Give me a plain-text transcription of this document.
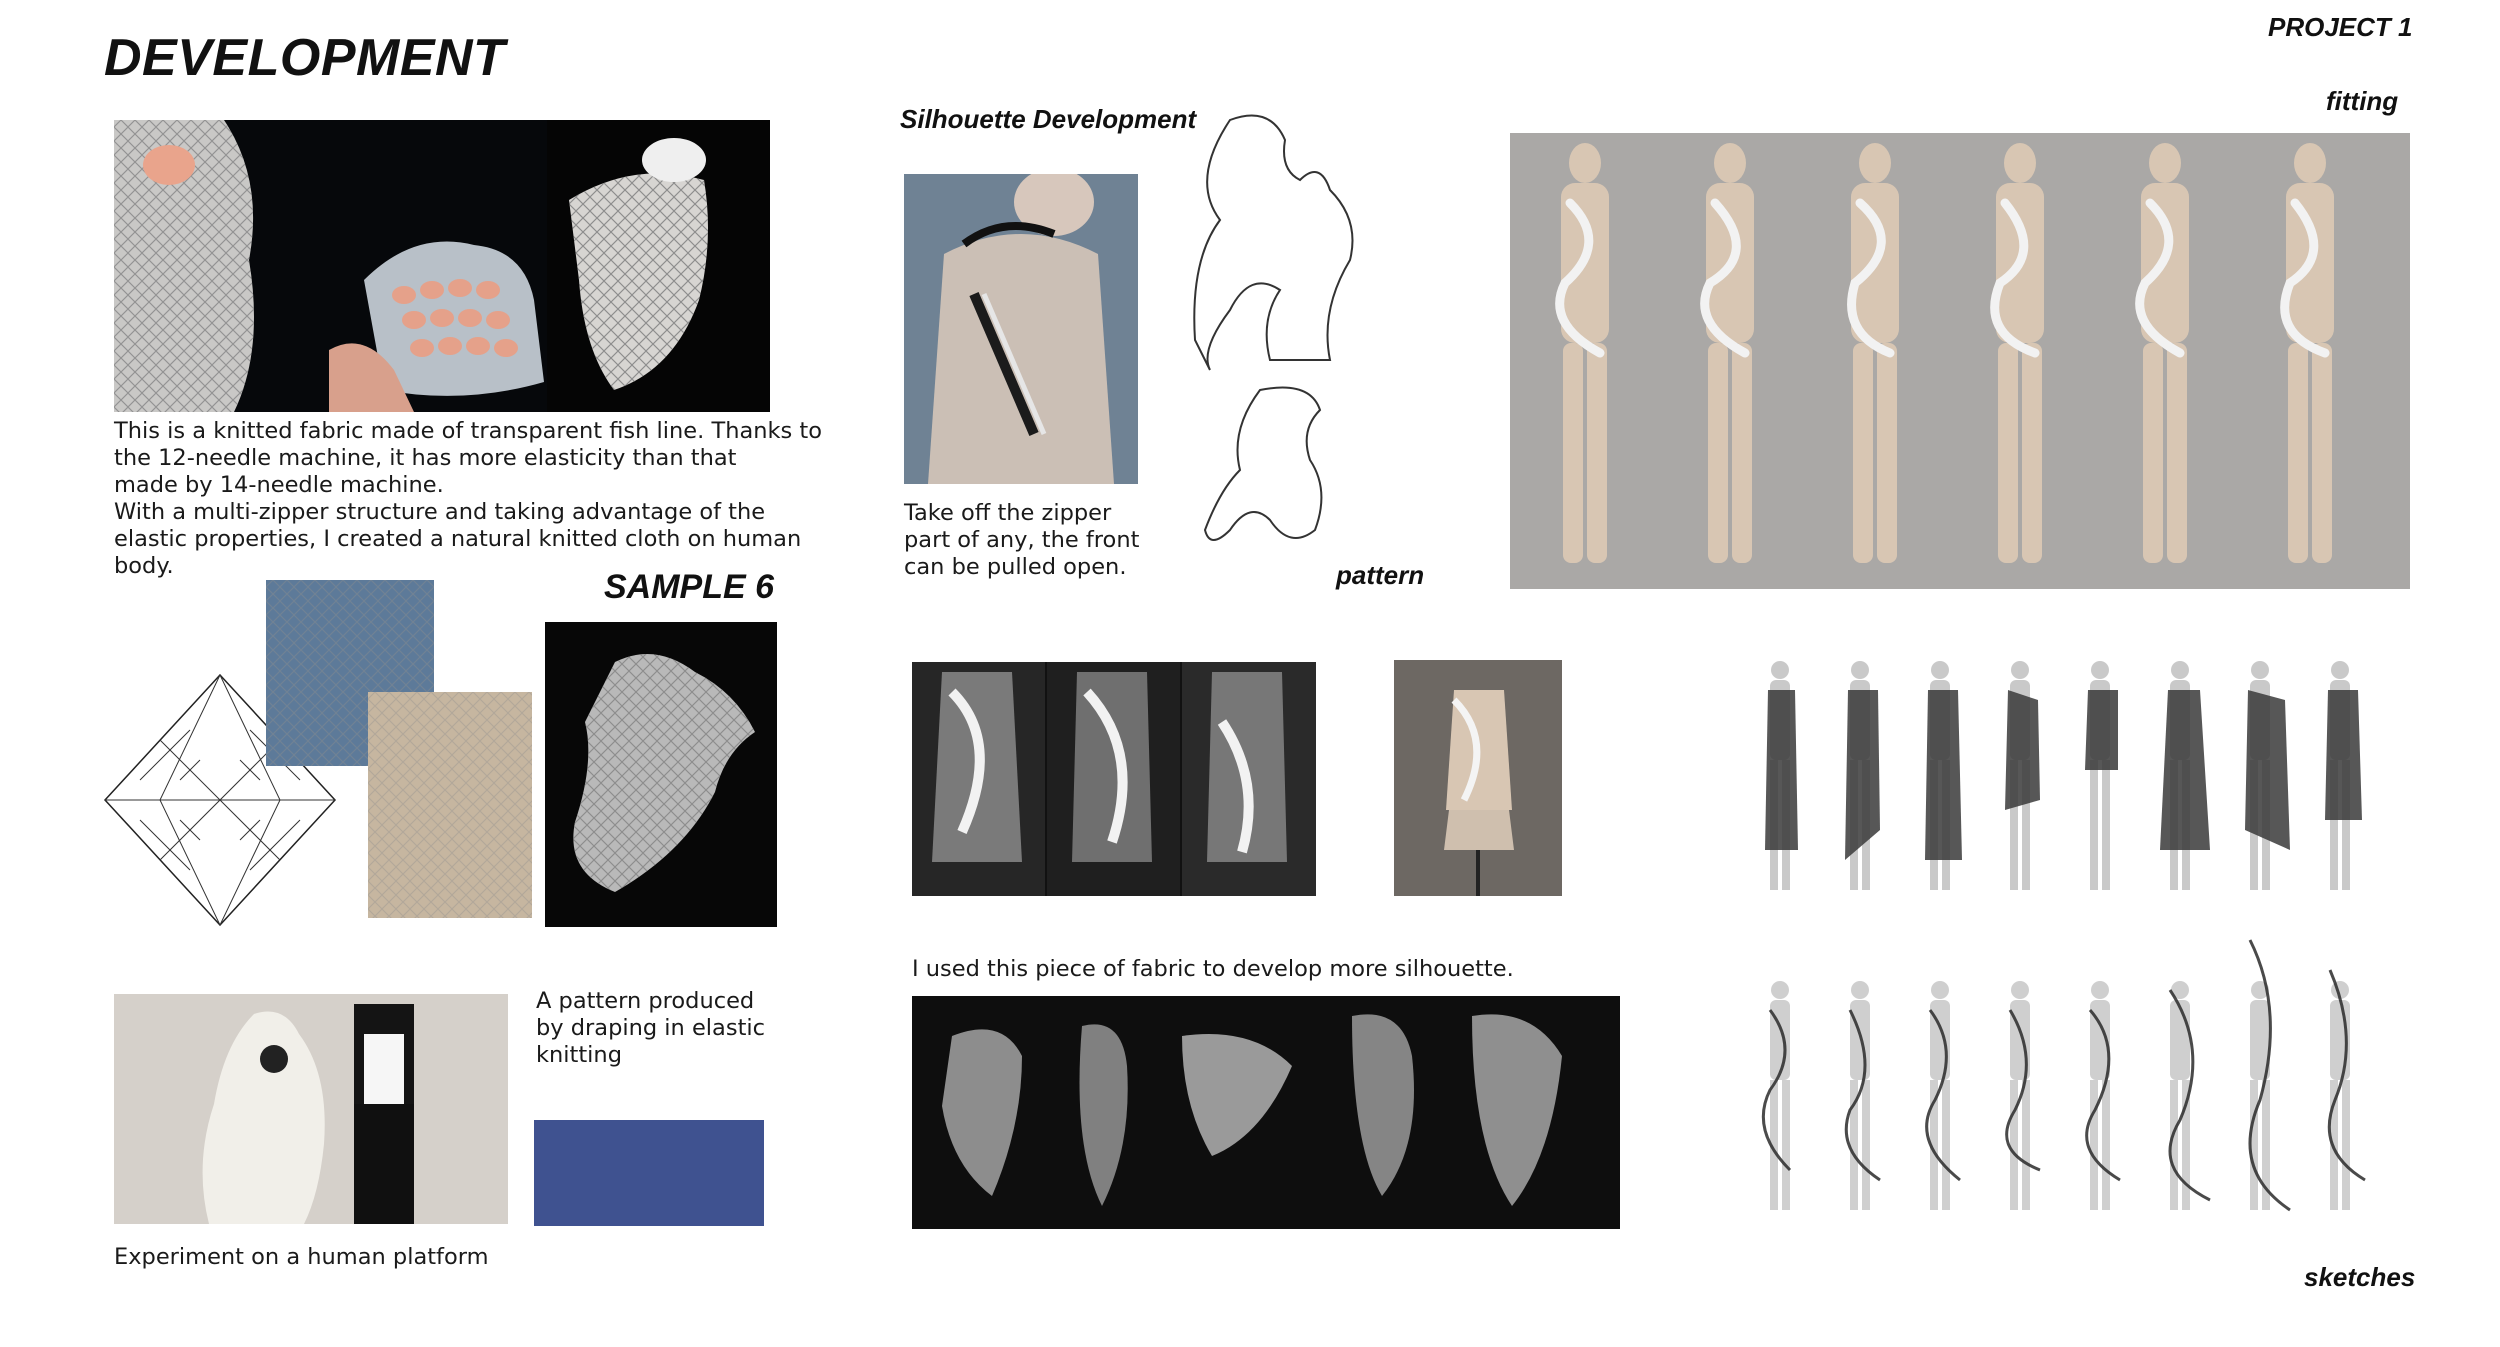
DEVELOPMENT
PROJECT 1
This is a knitted fabric made of transparent fish line. Thanks to
the 12-needle machine, it has more elasticity than that
made by 14-needle machine.
With a multi-zipper structure and taking advantage of the
elastic properties, I created a natural knitted cloth on human
body.
SAMPLE 6
A pattern produced
by draping in elastic
knitting
Experiment on a human platform
Silhouette Development
Take off the zipper
part of any, the front
can be pulled open.	pattern
I used this piece of fabric to develop more silhouette.
fitting
sketches
